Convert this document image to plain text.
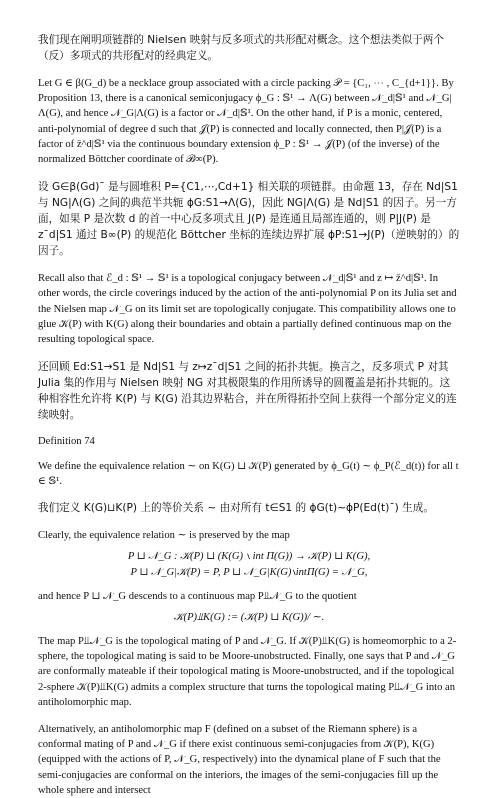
我们现在阐明项链群的 Nielsen 映射与反多项式的共形配对概念。这个想法类似于两个（反）多项式的共形配对的经典定义。

Let G ∈ β(G_d) be a necklace group associated with a circle packing 𝒫 = {C₁, ⋯ , C_{d+1}}. By Proposition 13, there is a canonical semiconjugacy ϕ_G : 𝕊¹ → Λ(G) between 𝒩_d|𝕊¹ and 𝒩_G|Λ(G), and hence 𝒩_G|Λ(G) is a factor or 𝒩_d|𝕊¹. On the other hand, if P is a monic, centered, anti-polynomial of degree d such that 𝒥(P) is connected and locally connected, then P|𝒥(P) is a factor of z̄^d|𝕊¹ via the continuous boundary extension ϕ_P : 𝕊¹ → 𝒥(P) (of the inverse) of the normalized Böttcher coordinate of ℬ∞(P).

设 G∈β(Gd)¯ 是与圆堆积 P={C1,⋯,Cd+1} 相关联的项链群。由命题 13，存在 Nd|S1 与 NG|Λ(G) 之间的典范半共轭 ϕG:S1→Λ(G)，因此 NG|Λ(G) 是 Nd|S1 的因子。另一方面，如果 P 是次数 d 的首一中心反多项式且 J(P) 是连通且局部连通的，则 P|J(P) 是 z¯d|S1 通过 B∞(P) 的规范化 Böttcher 坐标的连续边界扩展 ϕP:S1→J(P)（逆映射的）的因子。

Recall also that ℰ_d : 𝕊¹ → 𝕊¹ is a topological conjugacy between 𝒩_d|𝕊¹ and z ↦ z̄^d|𝕊¹. In other words, the circle coverings induced by the action of the anti-polynomial P on its Julia set and the Nielsen map 𝒩_G on its limit set are topologically conjugate. This compatibility allows one to glue 𝒦(P) with K(G) along their boundaries and obtain a partially defined continuous map on the resulting topological space.

还回顾 Ed:S1→S1 是 Nd|S1 与 z↦z¯d|S1 之间的拓扑共轭。换言之，反多项式 P 对其 Julia 集的作用与 Nielsen 映射 NG 对其极限集的作用所诱导的圆覆盖是拓扑共轭的。这种相容性允许将 K(P) 与 K(G) 沿其边界粘合，并在所得拓扑空间上获得一个部分定义的连续映射。

Definition 74

We define the equivalence relation ∼ on K(G) ⊔ 𝒦(P) generated by ϕ_G(t) ∼ ϕ_P(ℰ_d(t)) for all t ∈ 𝕊¹.

我们定义 K(G)⊔K(P) 上的等价关系 ∼ 由对所有 t∈S1 的 ϕG(t)∼ϕP(Ed(t)¯) 生成。

Clearly, the equivalence relation ∼ is preserved by the map

P ⊔ 𝒩_G : 𝒦(P) ⊔ (K(G) ∖ int Π(G)) → 𝒦(P) ⊔ K(G),
P ⊔ 𝒩_G|𝒦(P) = P, P ⊔ 𝒩_G|K(G)∖intΠ(G) = 𝒩_G,

and hence P ⊔ 𝒩_G descends to a continuous map P⫫𝒩_G to the quotient

𝒦(P)⫫K(G) := (𝒦(P) ⊔ K(G))/ ∼.

The map P⫫𝒩_G is the topological mating of P and 𝒩_G. If 𝒦(P)⫫K(G) is homeomorphic to a 2-sphere, the topological mating is said to be Moore-unobstructed. Finally, one says that P and 𝒩_G are conformally mateable if their topological mating is Moore-unobstructed, and if the topological 2-sphere 𝒦(P)⫫K(G) admits a complex structure that turns the topological mating P⫫𝒩_G into an antiholomorphic map.

Alternatively, an antiholomorphic map F (defined on a subset of the Riemann sphere) is a conformal mating of P and 𝒩_G if there exist continuous semi-conjugacies from 𝒦(P), K(G) (equipped with the actions of P, 𝒩_G, respectively) into the dynamical plane of F such that the semi-conjugacies are conformal on the interiors, the images of the semi-conjugacies fill up the whole sphere and intersect
